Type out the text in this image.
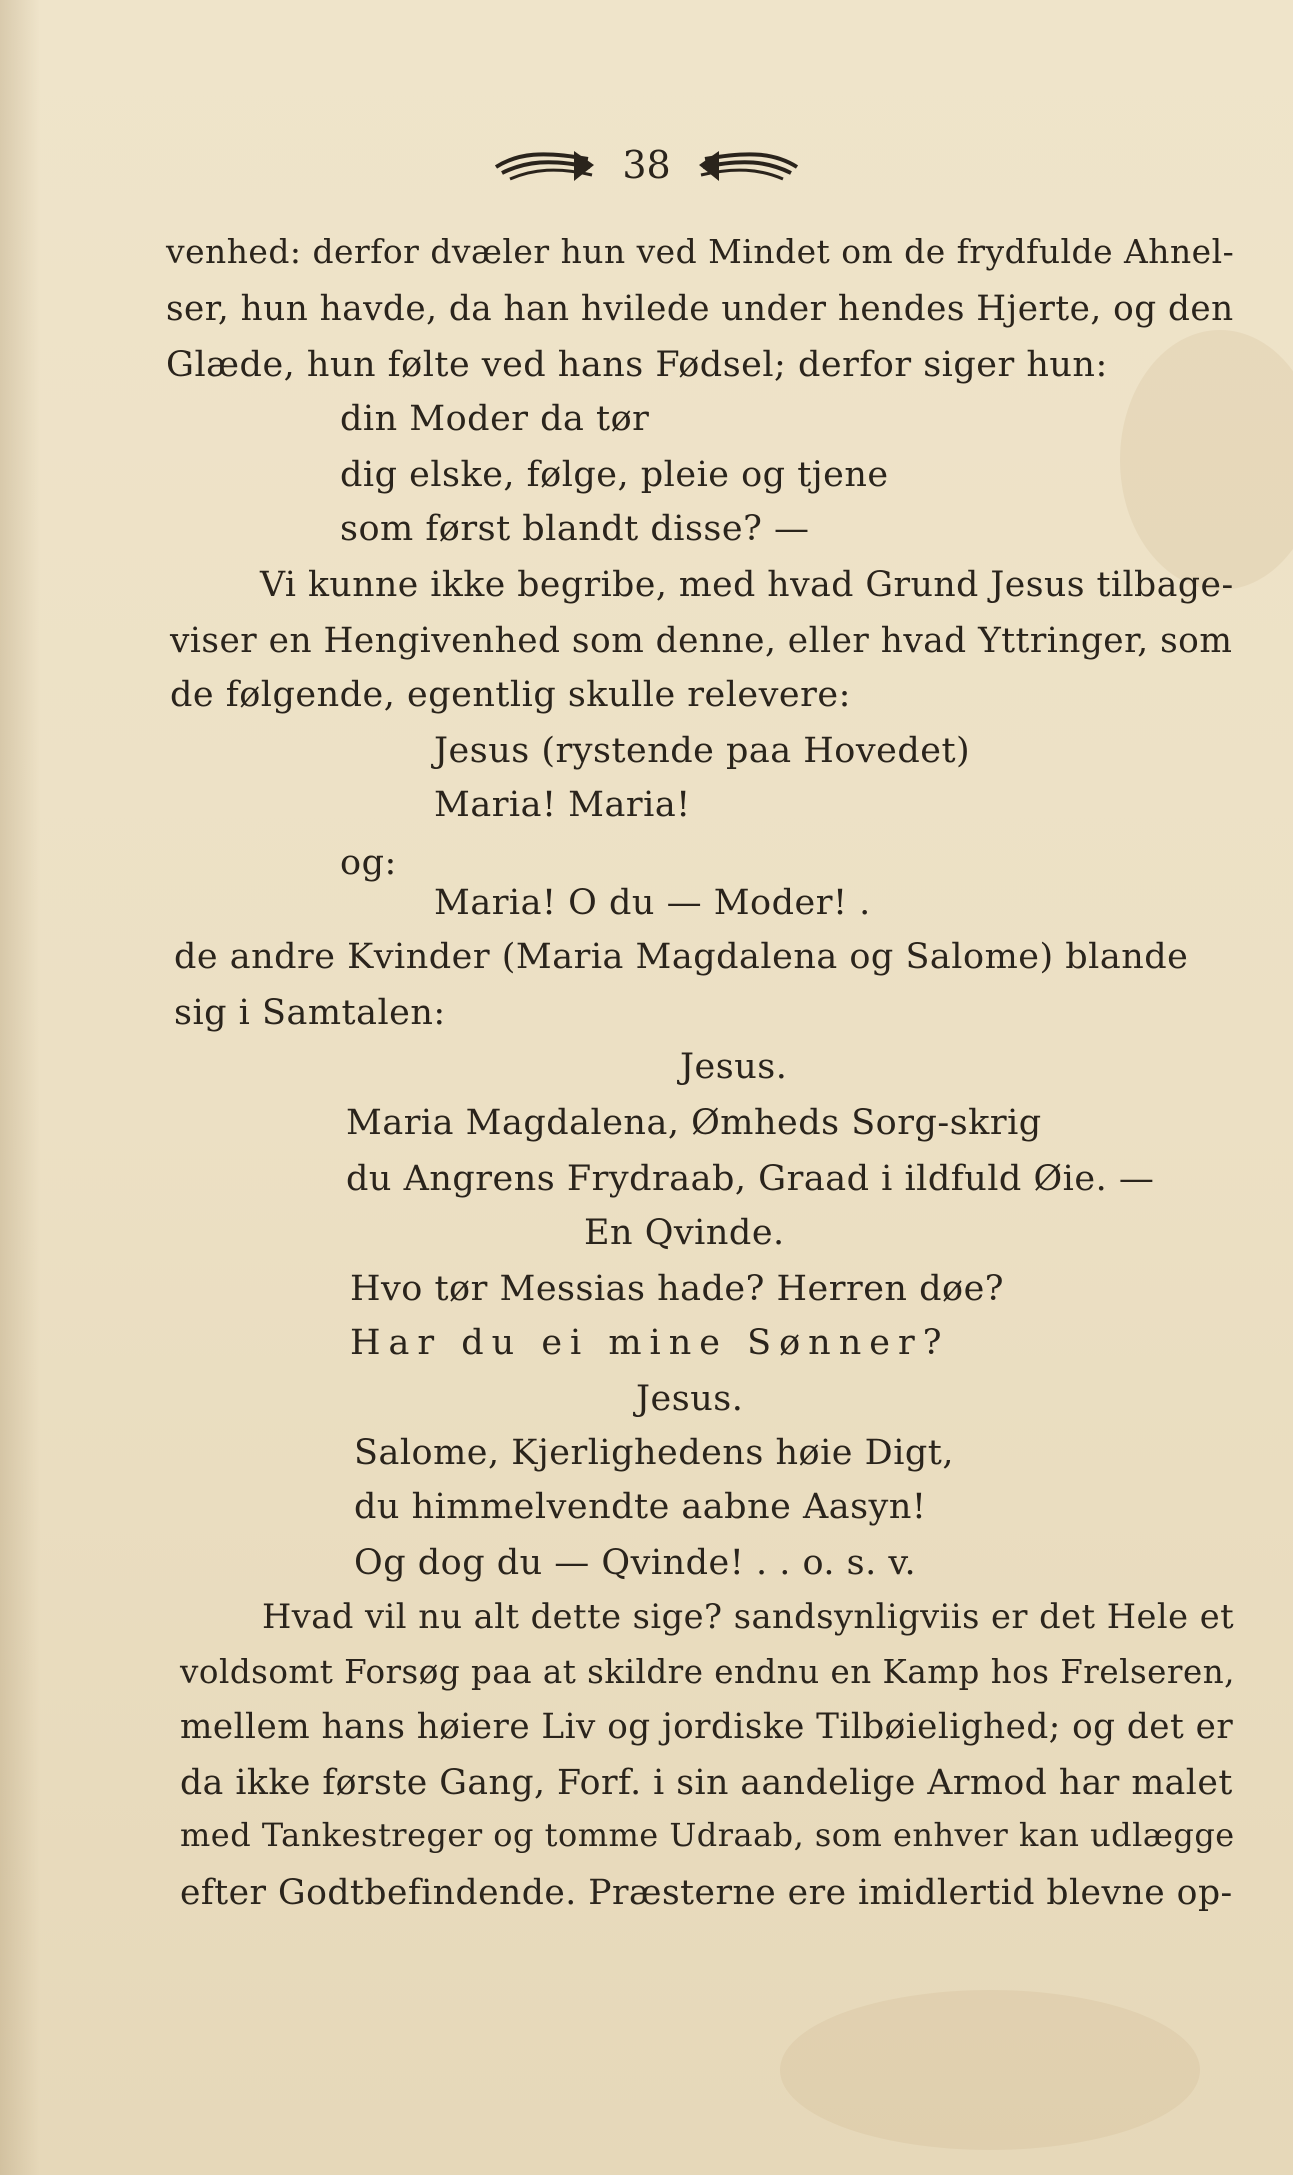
38
venhed: derfor dvæler hun ved Mindet om de frydfulde Ahnel-
ser, hun havde, da han hvilede under hendes Hjerte, og den
Glæde, hun følte ved hans Fødsel; derfor siger hun:
din Moder da tør
dig elske, følge, pleie og tjene
som først blandt disse? —
Vi kunne ikke begribe, med hvad Grund Jesus tilbage-
viser en Hengivenhed som denne, eller hvad Yttringer, som
de følgende, egentlig skulle relevere:
Jesus (rystende paa Hovedet)
Maria! Maria!
og:
Maria! O du — Moder! .
de andre Kvinder (Maria Magdalena og Salome) blande
sig i Samtalen:
Jesus.
Maria Magdalena, Ømheds Sorg-skrig
du Angrens Frydraab, Graad i ildfuld Øie. —
En Qvinde.
Hvo tør Messias hade? Herren døe?
Har du ei mine Sønner?
Jesus.
Salome, Kjerlighedens høie Digt,
du himmelvendte aabne Aasyn!
Og dog du — Qvinde! . . o. s. v.
Hvad vil nu alt dette sige? sandsynligviis er det Hele et
voldsomt Forsøg paa at skildre endnu en Kamp hos Frelseren,
mellem hans høiere Liv og jordiske Tilbøielighed; og det er
da ikke første Gang, Forf. i sin aandelige Armod har malet
med Tankestreger og tomme Udraab, som enhver kan udlægge
efter Godtbefindende. Præsterne ere imidlertid blevne op-
